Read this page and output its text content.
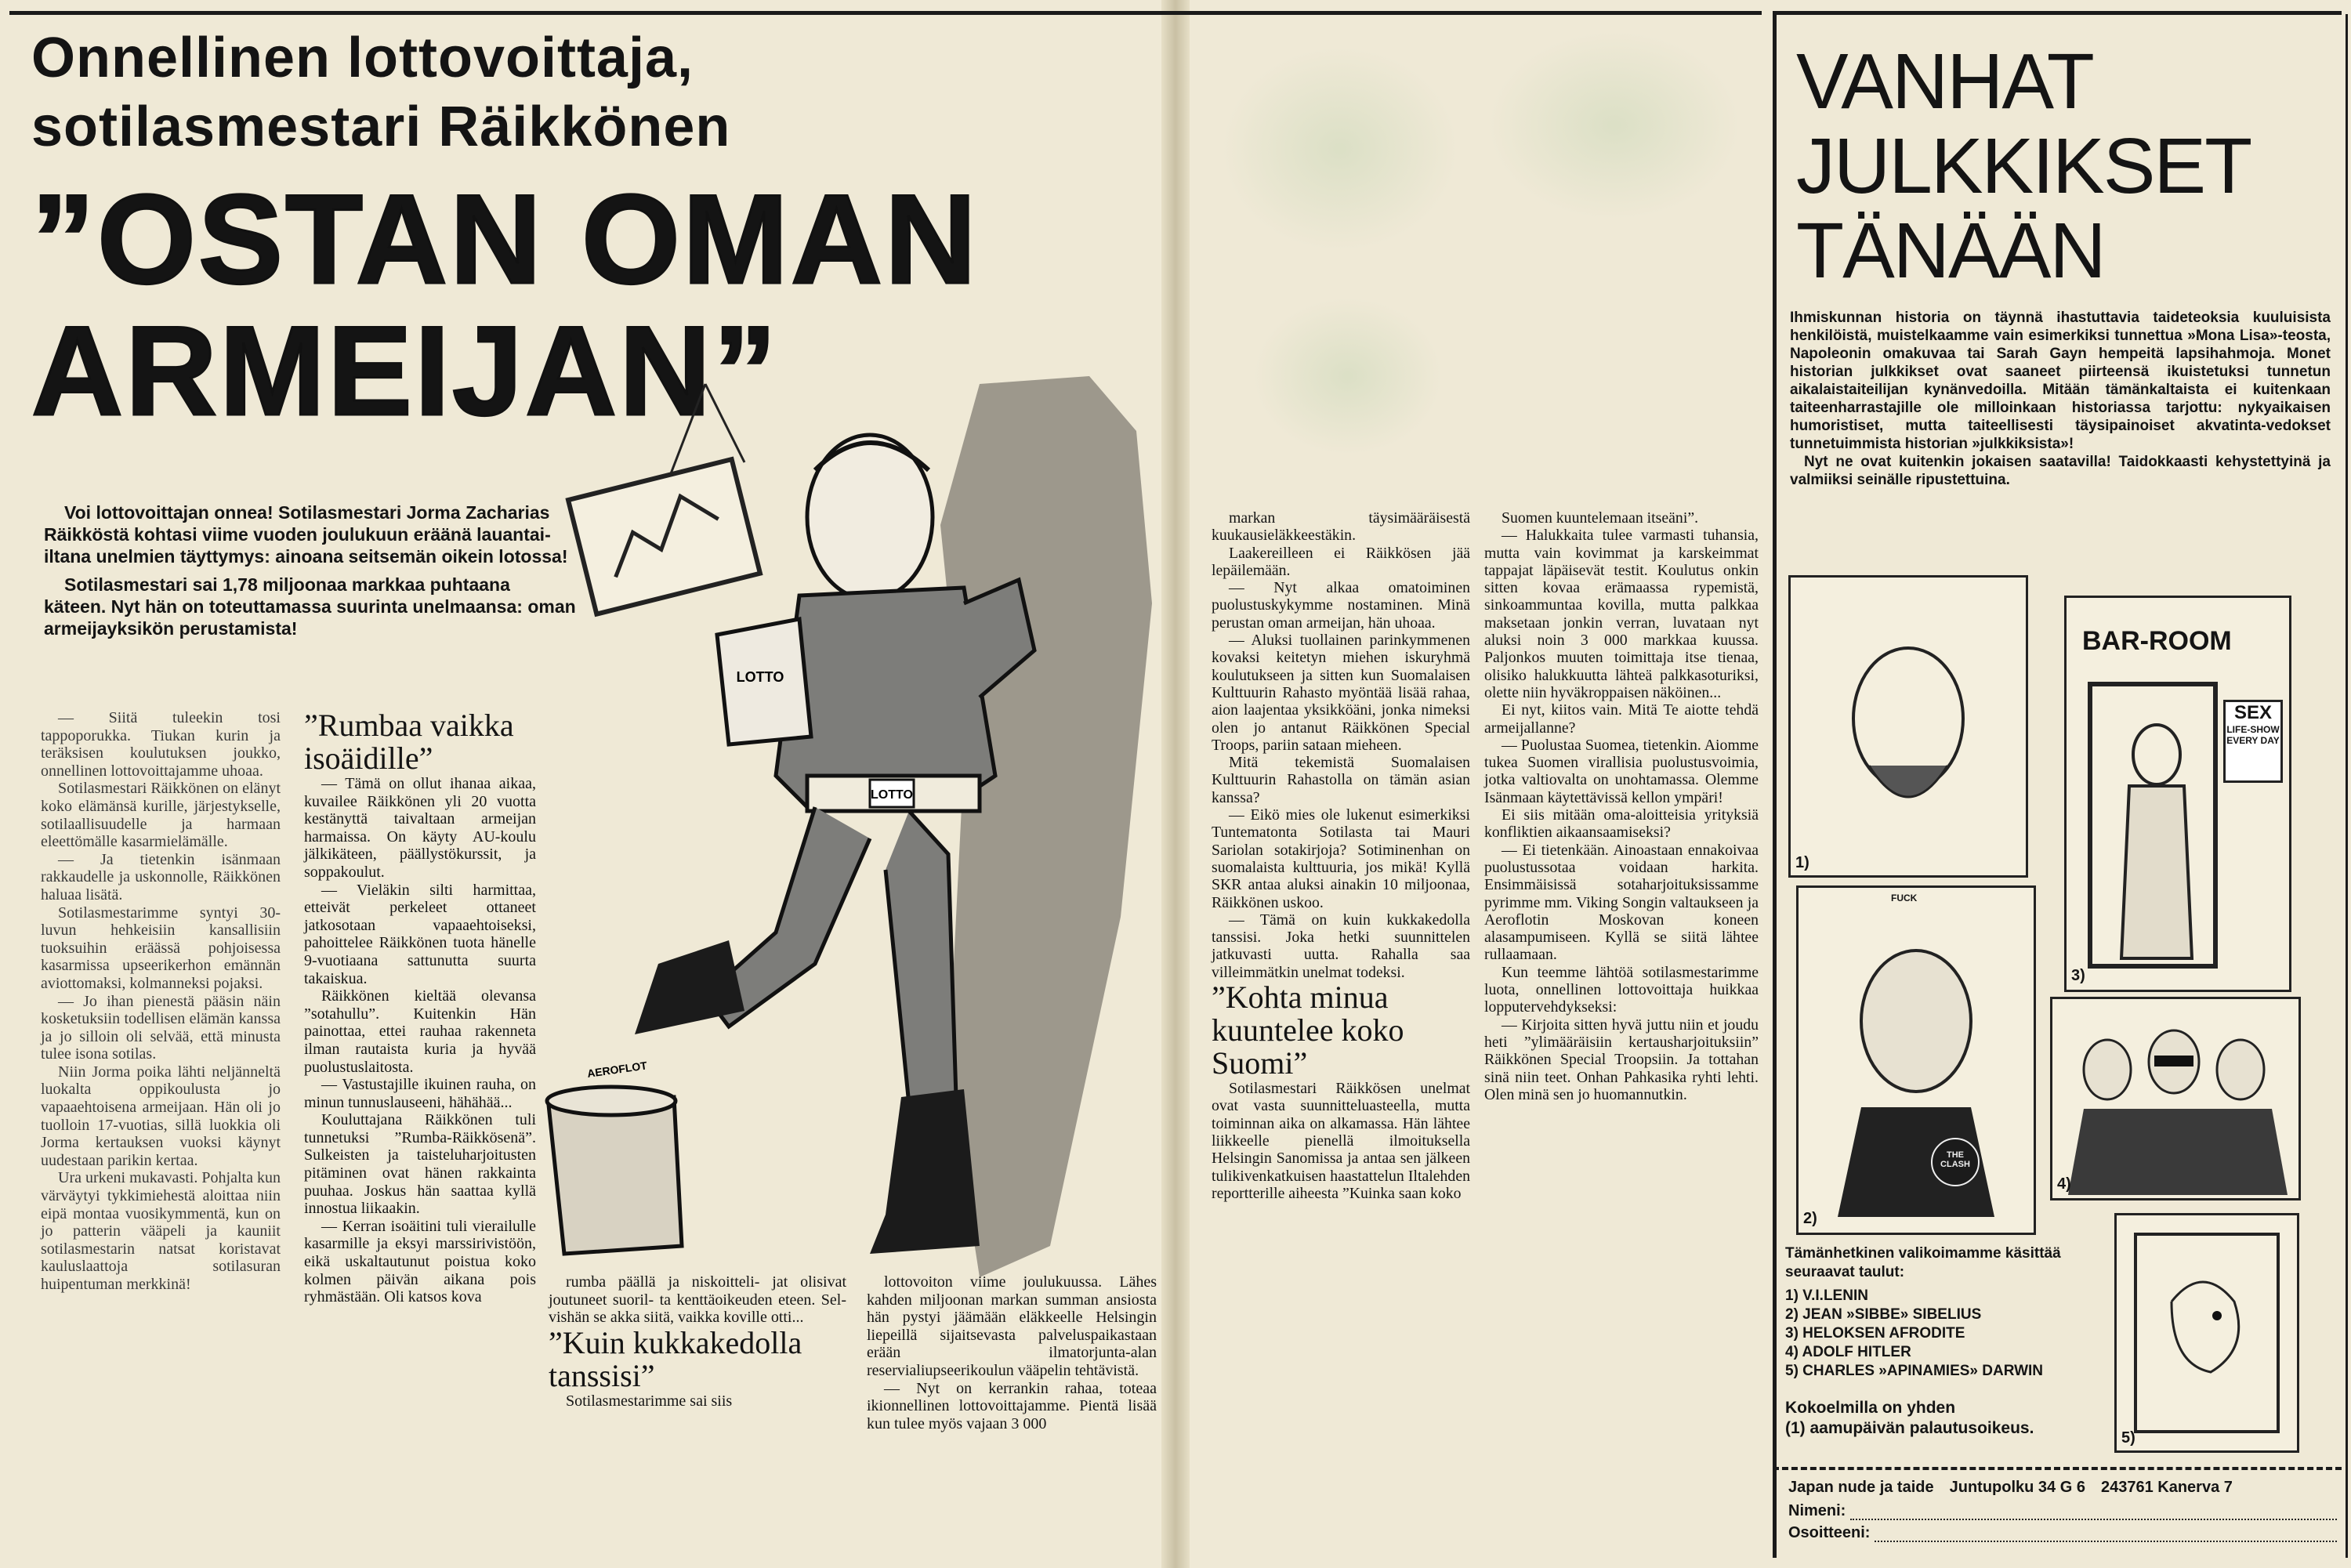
Onnellinen lottovoittaja,
sotilasmestari Räikkönen
”OSTAN OMAN
ARMEIJAN”

Voi lottovoittajan onnea! Sotilasmestari Jorma Zacharias Räikköstä kohtasi viime vuoden joulukuun eräänä lauantai-iltana unelmien täyttymys: ainoana seitsemän oikein lotossa!

Sotilasmestari sai 1,78 miljoonaa markkaa puhtaana käteen. Nyt hän on toteuttamassa suurinta unelmaansa: oman armeijayksikön perustamista!

— Siitä tuleekin tosi tappoporukka. Tiukan kurin ja teräksisen koulutuksen joukko, onnellinen lottovoittajamme uhoaa.

Sotilasmestari Räikkönen on elänyt koko elämänsä kurille, järjestykselle, sotilaallisuudelle ja harmaan eleettömälle kasarmielämälle.

— Ja tietenkin isänmaan rakkaudelle ja uskonnolle, Räikkönen haluaa lisätä.

Sotilasmestarimme syntyi 30-luvun hehkeisiin kansallisiin tuoksuihin eräässä pohjoisessa kasarmissa upseerikerhon emännän aviottomaksi, kolmanneksi pojaksi.

— Jo ihan pienestä pääsin näin kosketuksiin todellisen elämän kanssa ja jo silloin oli selvää, että minusta tulee isona sotilas.

Niin Jorma poika lähti neljänneltä luokalta oppikoulusta jo vapaaehtoisena armeijaan. Hän oli jo tuolloin 17-vuotias, sillä luokkia oli Jorma kertauksen vuoksi käynyt uudestaan parikin kertaa.

Ura urkeni mukavasti. Pohjalta kun värväytyi tykkimiehestä aloittaa niin eipä montaa vuosikymmentä, kun on jo patterin vääpeli ja kauniit sotilasmestarin natsat koristavat kauluslaattoja sotilasuran huipentuman merkkinä!

”Rumbaa vaikka isoäidille”

— Tämä on ollut ihanaa aikaa, kuvailee Räikkönen yli 20 vuotta kestänyttä taivaltaan armeijan harmaissa. On käyty AU-koulu jälkikäteen, päällystökurssit, ja soppakoulut.

— Vieläkin silti harmittaa, etteivät perkeleet ottaneet jatkosotaan vapaaehtoiseksi, pahoittelee Räikkönen tuota hänelle 9-vuotiaana sattunutta suurta takaiskua.

Räikkönen kieltää olevansa ”sotahullu”. Kuitenkin Hän painottaa, ettei rauhaa rakenneta ilman rautaista kuria ja hyvää puolustuslaitosta.

— Vastustajille ikuinen rauha, on minun tunnuslauseeni, hähähää...

Kouluttajana Räikkönen tuli tunnetuksi ”Rumba-Räikkösenä”. Sulkeisten ja taisteluharjoitusten pitäminen ovat hänen rakkainta puuhaa. Joskus hän saattaa kyllä innostua liikaakin.

— Kerran isoäitini tuli vierailulle kasarmille ja eksyi marssirivistöön, eikä uskaltautunut poistua koko kolmen päivän aikana pois ryhmästään. Oli katsos kova

rumba päällä ja niskoitteli- jat olisivat joutuneet suoril- ta kenttäoikeuden eteen. Sel- vishän se akka siitä, vaikka koville otti...

”Kuin kukkakedolla tanssisi”

Sotilasmestarimme sai siis

lottovoiton viime joulukuussa. Lähes kahden miljoonan markan summan ansiosta hän pystyi jäämään eläkkeelle Helsingin liepeillä sijaitsevasta palveluspaikastaan erään ilmatorjunta-alan reservialiupseerikoulun vääpelin tehtävistä.

— Nyt on kerrankin rahaa, toteaa ikionnellinen lottovoittajamme. Pientä lisää kun tulee myös vajaan 3 000

LOTTO
LOTTO
AEROFLOT

markan täysimääräisestä kuukausieläkkeestäkin.

Laakereilleen ei Räikkösen jää lepäilemään.

— Nyt alkaa omatoiminen puolustuskykymme nostaminen. Minä perustan oman armeijan, hän uhoaa.

— Aluksi tuollainen parinkymmenen kovaksi keitetyn miehen iskuryhmä koulutukseen ja sitten kun Suomalaisen Kulttuurin Rahasto myöntää lisää rahaa, aion laajentaa yksikköäni, jonka nimeksi olen jo antanut Räikkönen Special Troops, pariin sataan mieheen.

Mitä tekemistä Suomalaisen Kulttuurin Rahastolla on tämän asian kanssa?

— Eikö mies ole lukenut esimerkiksi Tuntematonta Sotilasta tai Mauri Sariolan sotakirjoja? Sotiminenhan on suomalaista kulttuuria, jos mikä! Kyllä SKR antaa aluksi ainakin 10 miljoonaa, Räikkönen uskoo.

— Tämä on kuin kukkakedolla tanssisi. Joka hetki suunnittelen jatkuvasti uutta. Rahalla saa villeimmätkin unelmat todeksi.

”Kohta minua kuuntelee koko Suomi”

Sotilasmestari Räikkösen unelmat ovat vasta suunnitteluasteella, mutta toiminnan aika on alkamassa. Hän lähtee liikkeelle pienellä ilmoituksella Helsingin Sanomissa ja antaa sen jälkeen tulikivenkatkuisen haastattelun Iltalehden reportterille aiheesta ”Kuinka saan koko

Suomen kuuntelemaan itseäni”.

— Halukkaita tulee varmasti tuhansia, mutta vain kovimmat ja karskeimmat tappajat läpäisevät testit. Koulutus onkin sitten kovaa erämaassa rypemistä, sinkoammuntaa kovilla, mutta palkkaa maksetaan jonkin verran, luvataan nyt aluksi noin 3 000 markkaa kuussa. Paljonkos muuten toimittaja itse tienaa, olisiko halukkuutta lähteä palkkasoturiksi, olette niin hyväkroppaisen näköinen...

Ei nyt, kiitos vain. Mitä Te aiotte tehdä armeijallanne?

— Puolustaa Suomea, tietenkin. Aiomme tukea Suomen virallisia puolustusvoimia, jotka valtiovalta on unohtamassa. Olemme Isänmaan käytettävissä kellon ympäri!

Ei siis mitään oma-aloitteisia yrityksiä konfliktien aikaansaamiseksi?

— Ei tietenkään. Ainoastaan ennakoivaa puolustussotaa voidaan harkita. Ensimmäisissä sotaharjoituksissamme pyrimme mm. Viking Songin valtaukseen ja Aeroflotin Moskovan koneen alasampumiseen. Kyllä se siitä lähtee rullaamaan.

Kun teemme lähtöä sotilasmestarimme luota, onnellinen lottovoittaja huikkaa lopputervehdykseksi:

— Kirjoita sitten hyvä juttu niin et joudu heti ”ylimääräisiin kertausharjoituksiin” Räikkönen Special Troopsiin. Ja tottahan sinä niin teet. Onhan Pahkasika ryhti lehti. Olen minä sen jo huomannutkin.

VANHAT
JULKKIKSET
TÄNÄÄN

Ihmiskunnan historia on täynnä ihastuttavia taideteoksia kuuluisista henkilöistä, muistelkaamme vain esimerkiksi tunnettua »Mona Lisa»-teosta, Napoleonin omakuvaa tai Sarah Gayn hempeitä lapsihahmoja. Monet historian julkkikset ovat saaneet piirteensä ikuistetuksi tunnetun aikalaistaiteilijan kynänvedoilla. Mitään tämänkaltaista ei kuitenkaan taiteenharrastajille ole milloinkaan historiassa tarjottu: nykyaikaisen humoristiset, mutta taiteellisesti täysipainoiset akvatinta-vedokset tunnetuimmista historian »julkkiksista»!

Nyt ne ovat kuitenkin jokaisen saatavilla! Taidokkaasti kehystettyinä ja valmiiksi seinälle ripustettuina.

1)
BAR-ROOM
SEX
LIFE-SHOW
EVERY DAY
3)
FUCK
THE CLASH
2)
4)
5)
Tämänhetkinen valikoimamme käsittää seuraavat taulut:
1) V.I.LENIN
2) JEAN »SIBBE» SIBELIUS
3) HELOKSEN AFRODITE
4) ADOLF HITLER
5) CHARLES »APINAMIES» DARWIN
Kokoelmilla on yhden
(1) aamupäivän palautusoikeus.
Japan nude ja taide Juntupolku 34 G 6 243761 Kanerva 7
Nimeni:
Osoitteeni:
